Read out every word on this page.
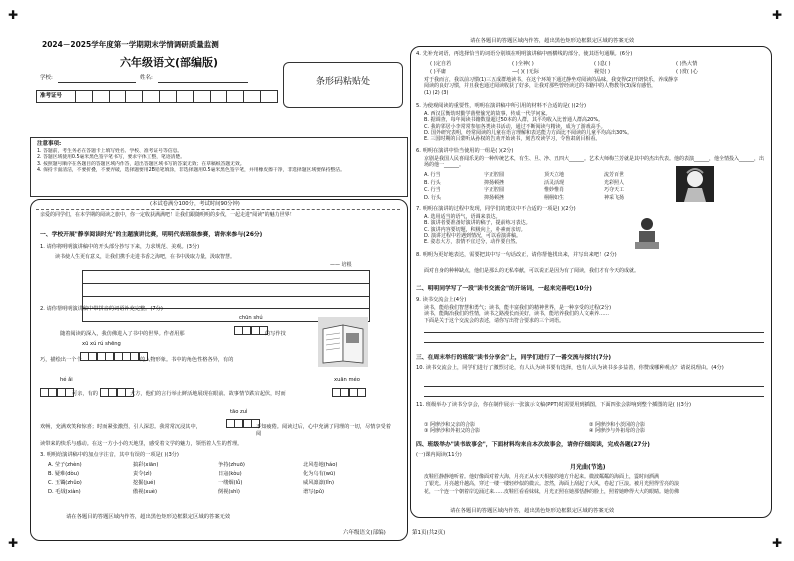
✚	✚
✚	✚
2024－2025学年度第一学期期末学情调研质量监测
六年级语文(部编版)
条形码粘贴处
学校:	姓名:
准考证号
注意事项:
1. 答题前，考生务必在答题卡上填写姓名、学校、准考证号等信息。
2. 答题区域使用0.5毫米黑色签字笔书写，要求字体工整，笔迹清楚。
3. 按照题号顺序在各题目的答题区域内作答，超出答题区域书写的答案无效；在草稿纸答题无效。
4. 保持卡面清洁，不要折叠，不要弄破，选择题要用2B铅笔填涂，非选择题用0.5毫米黑色签字笔，并用橡皮擦干净，非选择题区域要保持整洁。
(本试卷满分100分，考试时间90分钟)
亲爱的同学们，在本学期的阅读之旅中，你一定收获满满吧！让我们跟随明明的步伐，一起走进"阅读"的魅力世界！
一、学校开展"静享阅读时光"的主题演讲比赛，明明代表班级参赛，请你来参与(26分)
1. 请你将明明演讲稿中的开头部分抄写下来，力求规范、美观。(3分)
读书使人生更有意义，让我们携手走进书香之海吧，在书中汲取力量，汲取智慧。
—— 培根
2. 请你帮明明演讲稿中带拼音的词语补充完整。(7分)
chūn shú
随着阅读的深入，我仿佛进入了书中的世界。作者用那	的写作技
xū xú rú shēng
巧，描绘出一个个	的人物形象。书中的角色性格各异，有的
hé ǎi	xuān méo
可亲，有的	大方，他们的言行举止鲜活地展现在眼前。故事情节跌宕起伏，时而
欢畅，充满欢笑和惊喜；时而紧张激烈，引人深思。我常常沉浸其中，
tāo zuì
不知疲倦。阅读过后，心中充满了同理的一切，尽情享受着阅
读带来的快乐与感动。在这一方小小的天地里，感受着文学的魅力，领悟着人生的哲理。
3. 明明给演讲稿中的加点字注音，其中有误的一项是( )(3分)
A. 莹子(zhèn)	搞彩(xiān)	争持(zhuō)	北风卷地(háo)
B. 疑难(dòu)	责令(zì)	日寇(kòu)	化为乌有(wū)
C. 玉镯(zhǔo)	挖掘(jué)	一缕烟(lǚ)	威风凛凛(lǐn)
D. 毛绒(xiàn)	傲视(xuè)	倒视(shì)	谱写(pǔ)
请在各题目的答题区域内作答，超出黑色矩形边框限定区域的答案无效
请在各题目的答题区域内作答，超出黑色矩形边框限定区域的答案无效
4. 先补充词语，再选择恰当的词语分别填在明明演讲稿中画横线的部分，使其语句通顺。(6分)
( )定自若	( )全神( )	( )息( )	( )热大情
( )平庸	—( )( )无际	视觉( )	( )赏( )心
对于我而言，我以前习惯(1)三五成群地读书，在这个环境下通过静坐对阅读的品味，我变得(2)开朗快乐，养成静享
阅读的良好习惯，并且我也通过阅读收获了好多，让我对那些曾经读过的书籍中的人物教导(3)深有感悟，
(1) (2) (3)
5. 为使观阅读的重要性，明明在演讲稿中所引用的材料不合适的是( )(2分)
A. 西汉匡衡幼时勤学凿壁偷光的故事，传成一代学问家。
B. 据调查，每年阅读书籍数量超过50本的人群，其平均收入比普通人群高20%。
C. 我的邻居小李常常参加各类读书活动，通过不断阅读与精读，成为了游戏高手。
D. 国外研究表明，经常阅读的儿童在语言理解和表达能力方面比不阅读的儿童平均高出30%。
E. 三国时期的吕蒙听从孙权的告劝开始读书，刻苦攻读学习，令鲁肃刮目相看。
6. 明明在演讲中恰当使用的一组是( )(2分)
京剧是我国人民喜闻乐见的一种传统艺术，有生、旦、净、丑四大______。艺术大师梅兰芳就是其中的杰出代表。他的表演______，他全情投入______，出场的他一______。
A. 行当	字正腔圆	顶天立地	流芳百世
B. 行头	抑扬顿挫	活灵活现	光彩照人
C. 行当	字正腔圆	惟妙惟肖	巧夺天工
D. 行头	抑扬顿挫	栩栩如生	神采飞扬
7. 明明在演讲的过程中发现，同学们的建议中不合适的一项是( )(2分)
A. 选用适当的语气，语调来表达。
B. 演讲者要准备好演讲的稿子，提前练习表达。
C. 演讲内容要切题，积极向上，朴素而亲切。
D. 演讲过程中若遇到情况，可以看演讲稿。
E. 姿态大方，表情不宜过分，动作要自然。
8. 明明为更好地表达，需要把其中写一句话改正，请你帮他找出来，并写出来吧！(2分)
面对自身的种种缺点，他们是那么的无私奉献，可以说正是因为有了阅读，我们才有今天的成就。
二、明明同学写了一段"读书交流会"的开场词，一起来完善吧(10分)
9. 读书交流会上(4分)
读书，能给我们智慧和勇气；读书，能丰富我们的精神世界，是一种享受的过程(2分)
读书，能陶冶我们的性情，读书之路漫长而美好，读书，能培养我们的人文素养……
下面是关于这个交流会的表述，请你写出符合要求的三个词语。
三、在周末举行的班级"读书分享会"上，同学们进行了一番交流与探讨(7分)
10. 读书交流会上，同学们进行了激烈讨论，有人认为读书要有选择，也有人认为读书多多益善，你赞成哪种观点？请说说理由。(4分)
11. 班级举办了读书分享会，你在制作展示一张演示文稿(PPT)时需要用到插图，下面四张会影响到整个插图的是( )(3分)
① 阿廖沙和父亲的合影	② 阿廖沙和小茨冈的合影
③ 阿廖沙和外祖父的合影	④ 阿廖沙与外祖母的合影
四、班级举办"读书故事会"，下面材料均来自本次故事会，请你仔细阅读，完成各题(27分)
(一)课内阅读(11分)
月光曲(节选)
皮鞋匠静静地听着。他好像面对着大海，月亮正从水天相接的地方升起来。微波粼粼的海面上，霎时间洒满
了银光。月亮越升越高，穿过一缕一缕轻纱似的微云。忽然，海面上刮起了大风，卷起了巨浪。被月光照得雪亮的浪
花，一个连一个朝着岸边涌过来……皮鞋匠看看妹妹，月光正照在她那恬静的脸上，照着她睁得大大的眼睛。她仿佛
请在各题目的答题区域内作答，超出黑色矩形边框限定区域的答案无效
六年级语文(部编)	第1页(共2页)
